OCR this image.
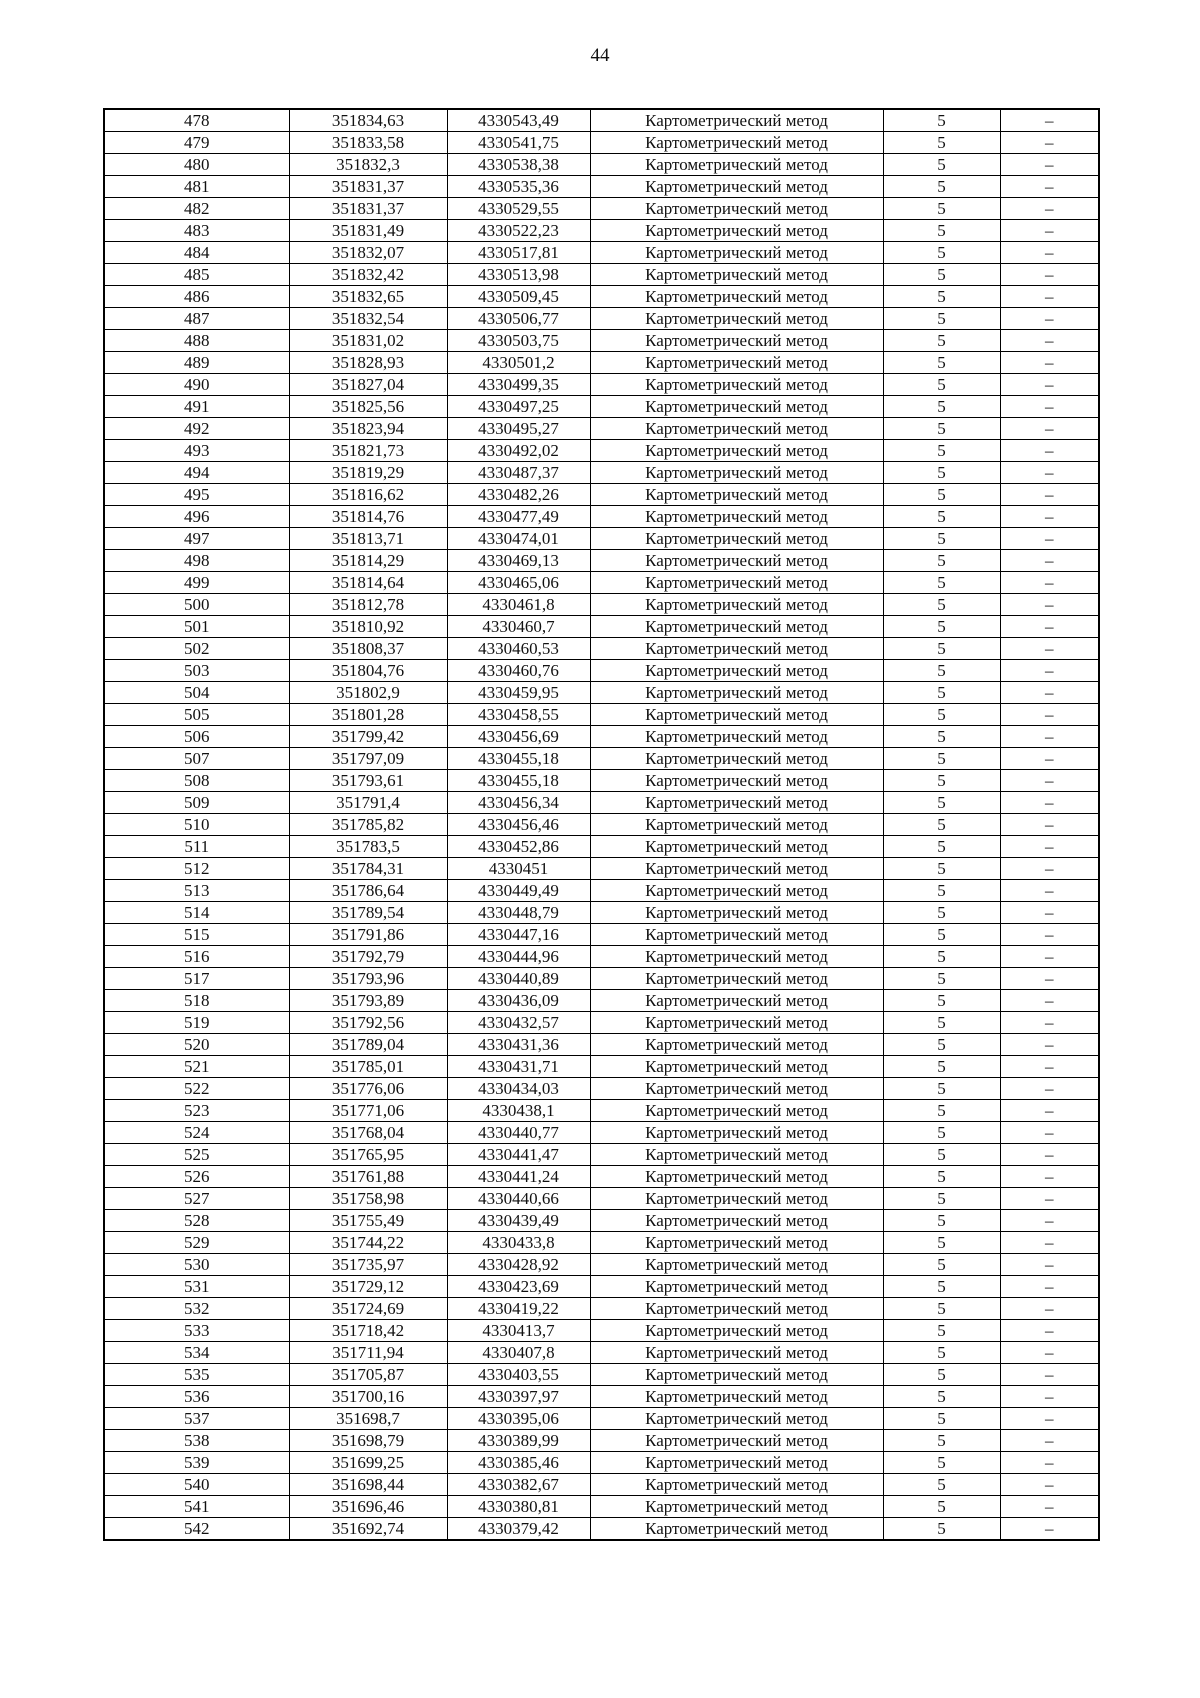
44
478	351834,63	4330543,49	Картометрический метод	5	–
479	351833,58	4330541,75	Картометрический метод	5	–
480	351832,3	4330538,38	Картометрический метод	5	–
481	351831,37	4330535,36	Картометрический метод	5	–
482	351831,37	4330529,55	Картометрический метод	5	–
483	351831,49	4330522,23	Картометрический метод	5	–
484	351832,07	4330517,81	Картометрический метод	5	–
485	351832,42	4330513,98	Картометрический метод	5	–
486	351832,65	4330509,45	Картометрический метод	5	–
487	351832,54	4330506,77	Картометрический метод	5	–
488	351831,02	4330503,75	Картометрический метод	5	–
489	351828,93	4330501,2	Картометрический метод	5	–
490	351827,04	4330499,35	Картометрический метод	5	–
491	351825,56	4330497,25	Картометрический метод	5	–
492	351823,94	4330495,27	Картометрический метод	5	–
493	351821,73	4330492,02	Картометрический метод	5	–
494	351819,29	4330487,37	Картометрический метод	5	–
495	351816,62	4330482,26	Картометрический метод	5	–
496	351814,76	4330477,49	Картометрический метод	5	–
497	351813,71	4330474,01	Картометрический метод	5	–
498	351814,29	4330469,13	Картометрический метод	5	–
499	351814,64	4330465,06	Картометрический метод	5	–
500	351812,78	4330461,8	Картометрический метод	5	–
501	351810,92	4330460,7	Картометрический метод	5	–
502	351808,37	4330460,53	Картометрический метод	5	–
503	351804,76	4330460,76	Картометрический метод	5	–
504	351802,9	4330459,95	Картометрический метод	5	–
505	351801,28	4330458,55	Картометрический метод	5	–
506	351799,42	4330456,69	Картометрический метод	5	–
507	351797,09	4330455,18	Картометрический метод	5	–
508	351793,61	4330455,18	Картометрический метод	5	–
509	351791,4	4330456,34	Картометрический метод	5	–
510	351785,82	4330456,46	Картометрический метод	5	–
511	351783,5	4330452,86	Картометрический метод	5	–
512	351784,31	4330451	Картометрический метод	5	–
513	351786,64	4330449,49	Картометрический метод	5	–
514	351789,54	4330448,79	Картометрический метод	5	–
515	351791,86	4330447,16	Картометрический метод	5	–
516	351792,79	4330444,96	Картометрический метод	5	–
517	351793,96	4330440,89	Картометрический метод	5	–
518	351793,89	4330436,09	Картометрический метод	5	–
519	351792,56	4330432,57	Картометрический метод	5	–
520	351789,04	4330431,36	Картометрический метод	5	–
521	351785,01	4330431,71	Картометрический метод	5	–
522	351776,06	4330434,03	Картометрический метод	5	–
523	351771,06	4330438,1	Картометрический метод	5	–
524	351768,04	4330440,77	Картометрический метод	5	–
525	351765,95	4330441,47	Картометрический метод	5	–
526	351761,88	4330441,24	Картометрический метод	5	–
527	351758,98	4330440,66	Картометрический метод	5	–
528	351755,49	4330439,49	Картометрический метод	5	–
529	351744,22	4330433,8	Картометрический метод	5	–
530	351735,97	4330428,92	Картометрический метод	5	–
531	351729,12	4330423,69	Картометрический метод	5	–
532	351724,69	4330419,22	Картометрический метод	5	–
533	351718,42	4330413,7	Картометрический метод	5	–
534	351711,94	4330407,8	Картометрический метод	5	–
535	351705,87	4330403,55	Картометрический метод	5	–
536	351700,16	4330397,97	Картометрический метод	5	–
537	351698,7	4330395,06	Картометрический метод	5	–
538	351698,79	4330389,99	Картометрический метод	5	–
539	351699,25	4330385,46	Картометрический метод	5	–
540	351698,44	4330382,67	Картометрический метод	5	–
541	351696,46	4330380,81	Картометрический метод	5	–
542	351692,74	4330379,42	Картометрический метод	5	–
